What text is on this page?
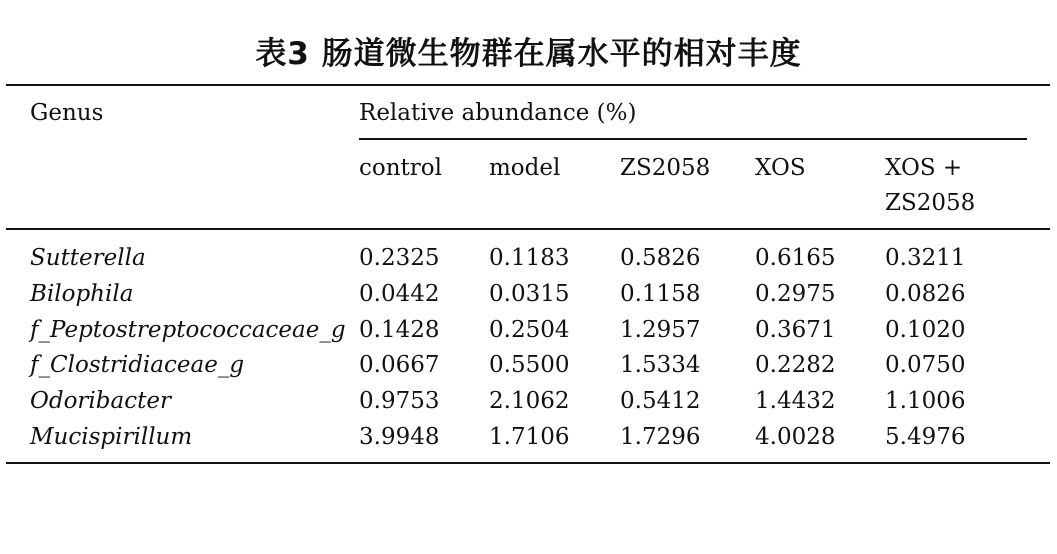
表3 肠道微生物群在属水平的相对丰度
Genus	Relative abundance (%)
control model	ZS2058 XOS	XOS +
ZS2058
Sutterella	0.2325 0.1183 0.5826 0.6165 0.3211
Bilophila	0.0442 0.0315 0.1158 0.2975 0.0826
f_Peptostreptococcaceae_g 0.1428 0.2504 1.2957 0.3671 0.1020
f_Clostridiaceae_g	0.0667 0.5500 1.5334 0.2282 0.0750
Odoribacter	0.9753 2.1062 0.5412 1.4432 1.1006
Mucispirillum	3.9948 1.7106 1.7296 4.0028 5.4976
